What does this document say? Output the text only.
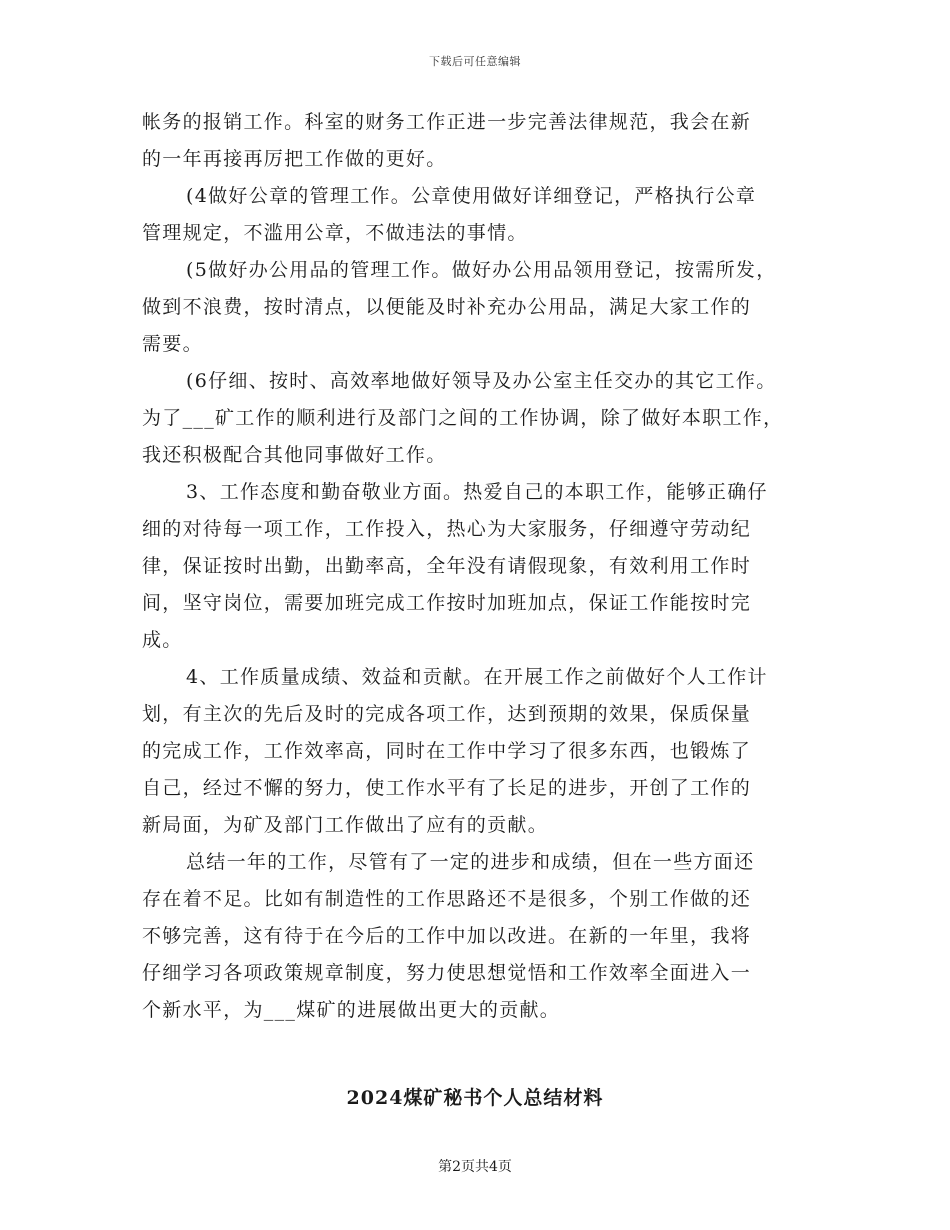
下载后可任意编辑
帐务的报销工作。科室的财务工作正进一步完善法律规范，我会在新
的一年再接再厉把工作做的更好。
(4做好公章的管理工作。公章使用做好详细登记，严格执行公章
管理规定，不滥用公章，不做违法的事情。
(5做好办公用品的管理工作。做好办公用品领用登记，按需所发，
做到不浪费，按时清点，以便能及时补充办公用品，满足大家工作的
需要。
(6仔细、按时、高效率地做好领导及办公室主任交办的其它工作。
为了___矿工作的顺利进行及部门之间的工作协调，除了做好本职工作，
我还积极配合其他同事做好工作。
3、工作态度和勤奋敬业方面。热爱自己的本职工作，能够正确仔
细的对待每一项工作，工作投入，热心为大家服务，仔细遵守劳动纪
律，保证按时出勤，出勤率高，全年没有请假现象，有效利用工作时
间，坚守岗位，需要加班完成工作按时加班加点，保证工作能按时完
成。
4、工作质量成绩、效益和贡献。在开展工作之前做好个人工作计
划，有主次的先后及时的完成各项工作，达到预期的效果，保质保量
的完成工作，工作效率高，同时在工作中学习了很多东西，也锻炼了
自己，经过不懈的努力，使工作水平有了长足的进步，开创了工作的
新局面，为矿及部门工作做出了应有的贡献。
总结一年的工作，尽管有了一定的进步和成绩，但在一些方面还
存在着不足。比如有制造性的工作思路还不是很多，个别工作做的还
不够完善，这有待于在今后的工作中加以改进。在新的一年里，我将
仔细学习各项政策规章制度，努力使思想觉悟和工作效率全面进入一
个新水平，为___煤矿的进展做出更大的贡献。
2024煤矿秘书个人总结材料
第2页共4页
